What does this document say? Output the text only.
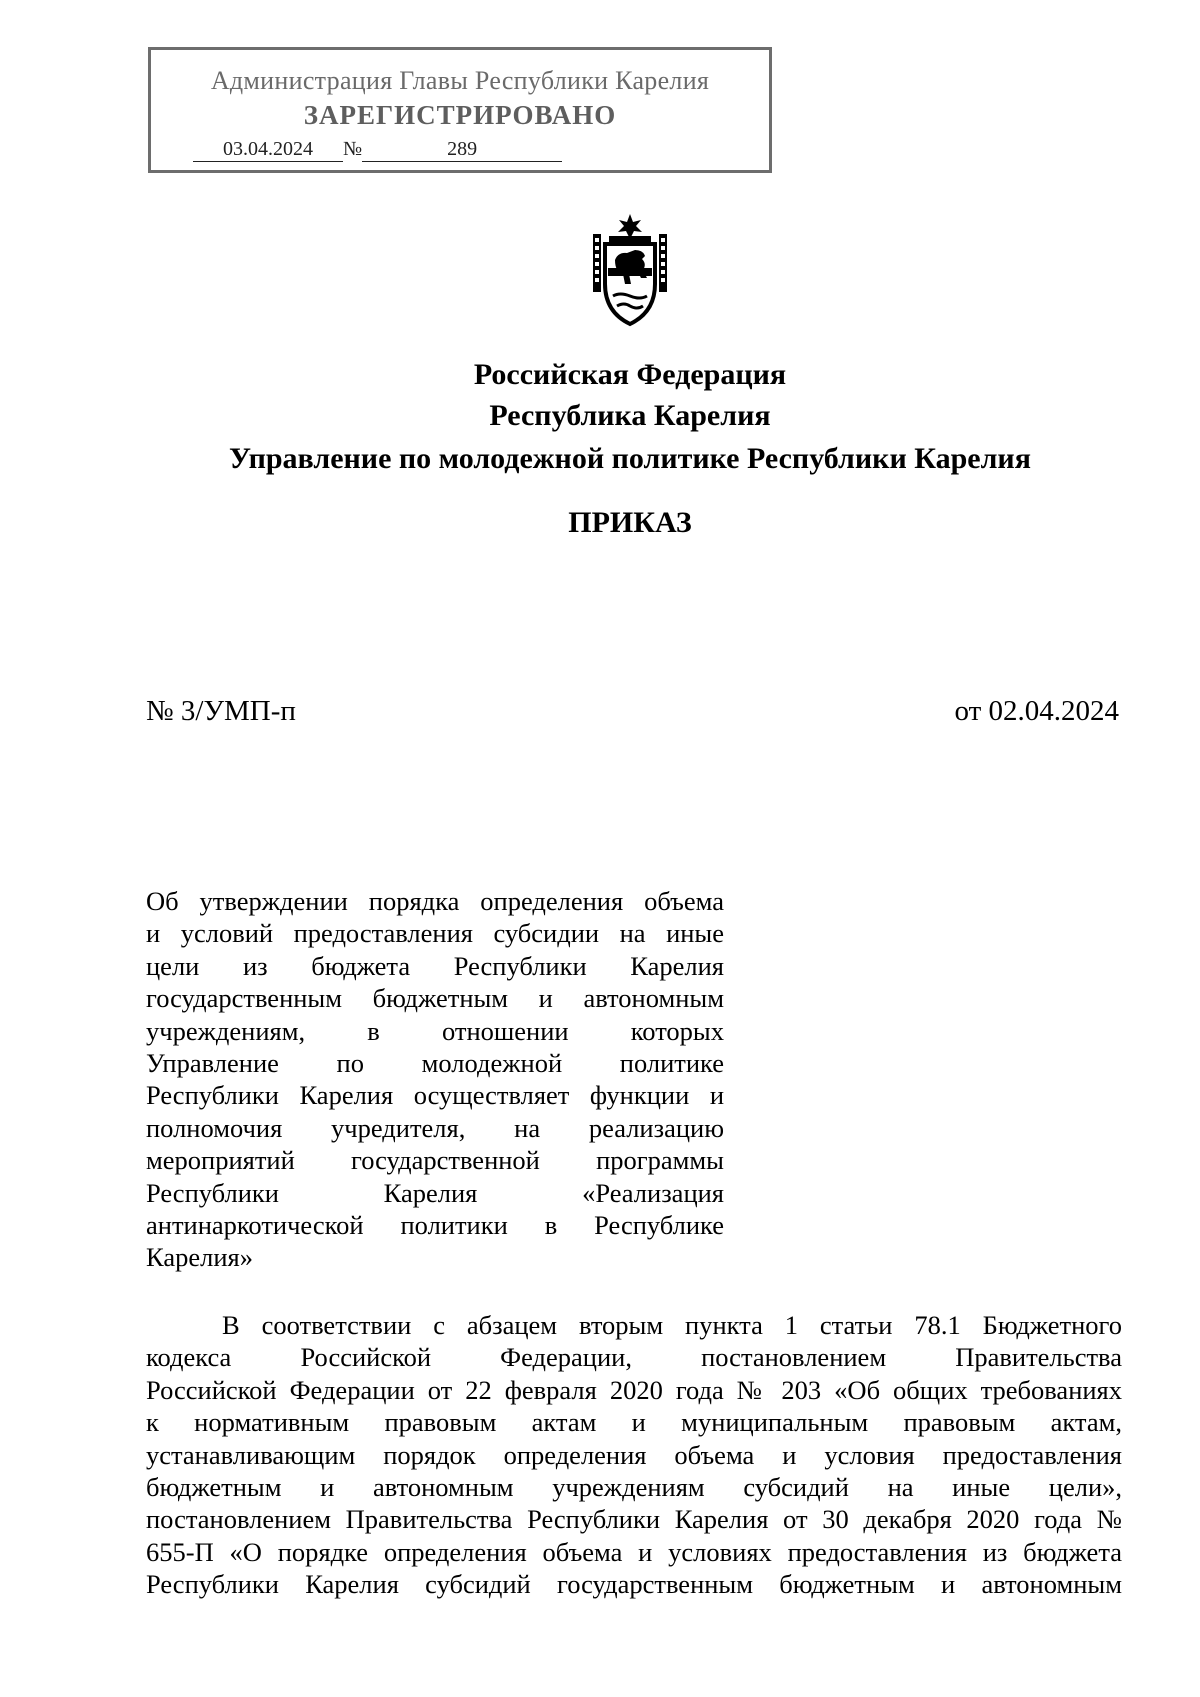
Администрация Главы Республики Карелия
ЗАРЕГИСТРИРОВАНО
03.04.2024 №	289
Российская Федерация
Республика Карелия
Управление по молодежной политике Республики Карелия
ПРИКАЗ
№ 3/УМП-п	от 02.04.2024
Об утверждении порядка определения объема
и условий предоставления субсидии на иные
цели из бюджета Республики Карелия
государственным бюджетным и автономным
учреждениям, в отношении которых
Управление по молодежной политике
Республики Карелия осуществляет функции и
полномочия учредителя, на реализацию
мероприятий государственной программы
Республики Карелия «Реализация
антинаркотической политики в Республике
Карелия»
В соответствии с абзацем вторым пункта 1 статьи 78.1 Бюджетного
кодекса Российской Федерации, постановлением Правительства
Российской Федерации от 22 февраля 2020 года № 203 «Об общих требованиях
к нормативным правовым актам и муниципальным правовым актам,
устанавливающим порядок определения объема и условия предоставления
бюджетным и автономным учреждениям субсидий на иные цели»,
постановлением Правительства Республики Карелия от 30 декабря 2020 года №
655-П «О порядке определения объема и условиях предоставления из бюджета
Республики Карелия субсидий государственным бюджетным и автономным
